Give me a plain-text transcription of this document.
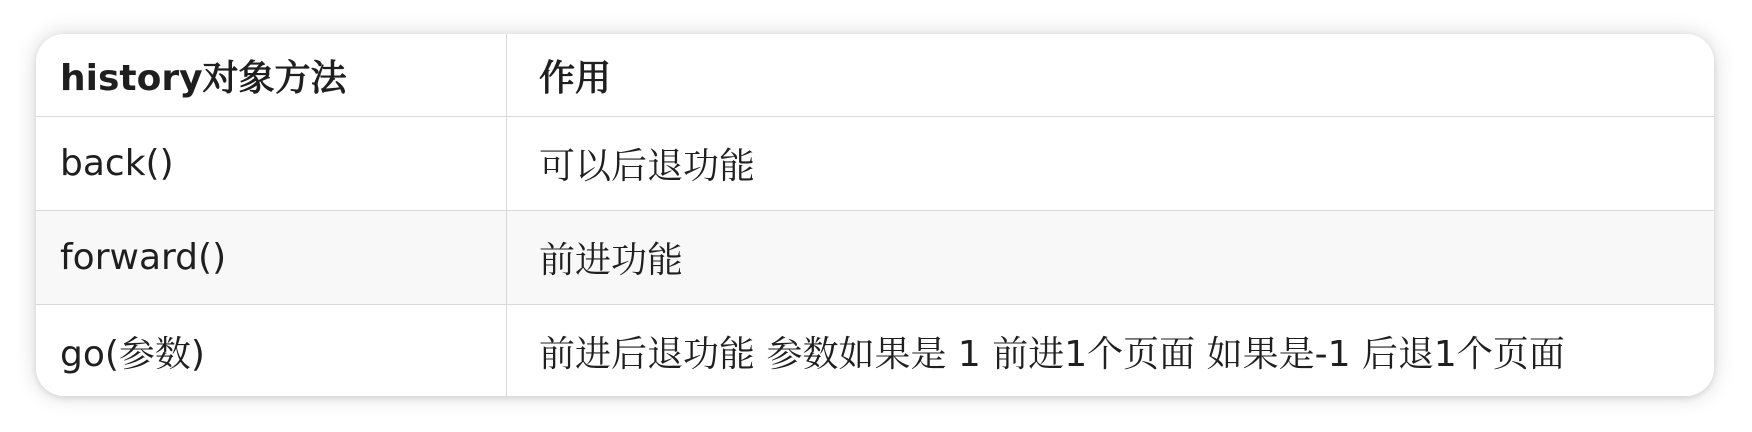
history对象方法	作用
back()	可以后退功能
forward()	前进功能
go(参数)	前进后退功能 参数如果是 1 前进1个页面 如果是-1 后退1个页面
